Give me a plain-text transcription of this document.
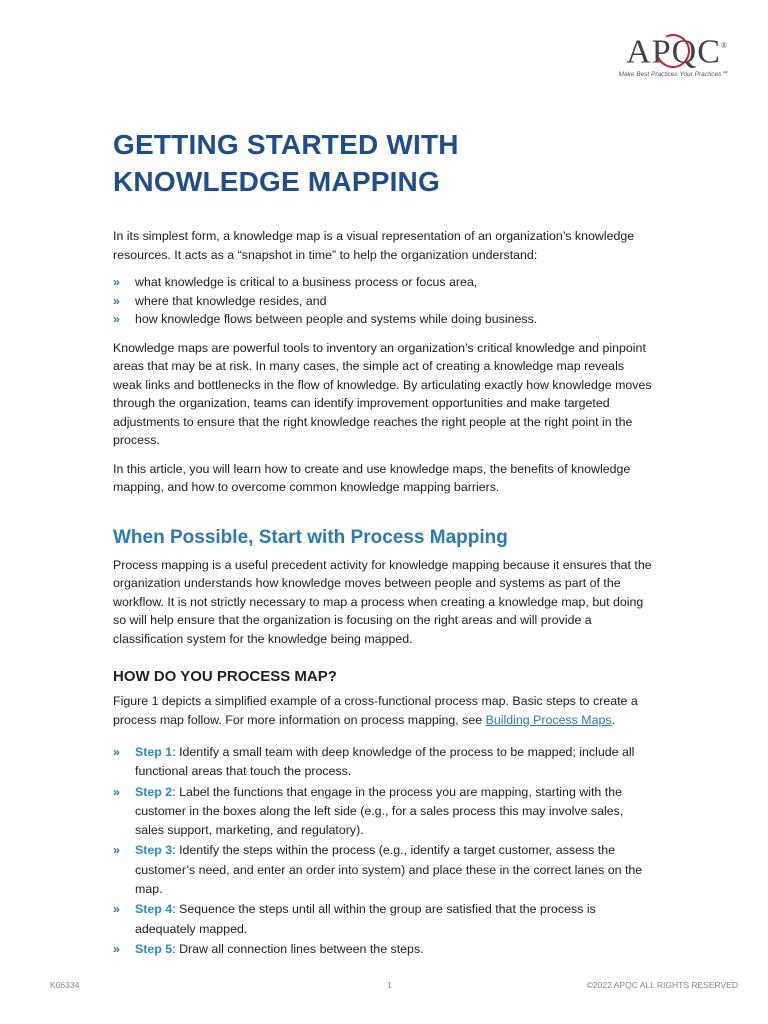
APQC®
Make Best Practices Your Practices℠
GETTING STARTED WITH KNOWLEDGE MAPPING

In its simplest form, a knowledge map is a visual representation of an organization’s knowledge resources. It acts as a “snapshot in time” to help the organization understand:

» what knowledge is critical to a business process or focus area,
» where that knowledge resides, and
» how knowledge flows between people and systems while doing business.

Knowledge maps are powerful tools to inventory an organization’s critical knowledge and pinpoint areas that may be at risk. In many cases, the simple act of creating a knowledge map reveals weak links and bottlenecks in the flow of knowledge. By articulating exactly how knowledge moves through the organization, teams can identify improvement opportunities and make targeted adjustments to ensure that the right knowledge reaches the right people at the right point in the process.

In this article, you will learn how to create and use knowledge maps, the benefits of knowledge mapping, and how to overcome common knowledge mapping barriers.

When Possible, Start with Process Mapping

Process mapping is a useful precedent activity for knowledge mapping because it ensures that the organization understands how knowledge moves between people and systems as part of the workflow. It is not strictly necessary to map a process when creating a knowledge map, but doing so will help ensure that the organization is focusing on the right areas and will provide a classification system for the knowledge being mapped.

HOW DO YOU PROCESS MAP?

Figure 1 depicts a simplified example of a cross-functional process map. Basic steps to create a process map follow. For more information on process mapping, see Building Process Maps.

» Step 1: Identify a small team with deep knowledge of the process to be mapped; include all functional areas that touch the process.
» Step 2: Label the functions that engage in the process you are mapping, starting with the customer in the boxes along the left side (e.g., for a sales process this may involve sales, sales support, marketing, and regulatory).
» Step 3: Identify the steps within the process (e.g., identify a target customer, assess the customer’s need, and enter an order into system) and place these in the correct lanes on the map.
» Step 4: Sequence the steps until all within the group are satisfied that the process is adequately mapped.
» Step 5: Draw all connection lines between the steps.
K06334	1	©2022 APQC ALL RIGHTS RESERVED
